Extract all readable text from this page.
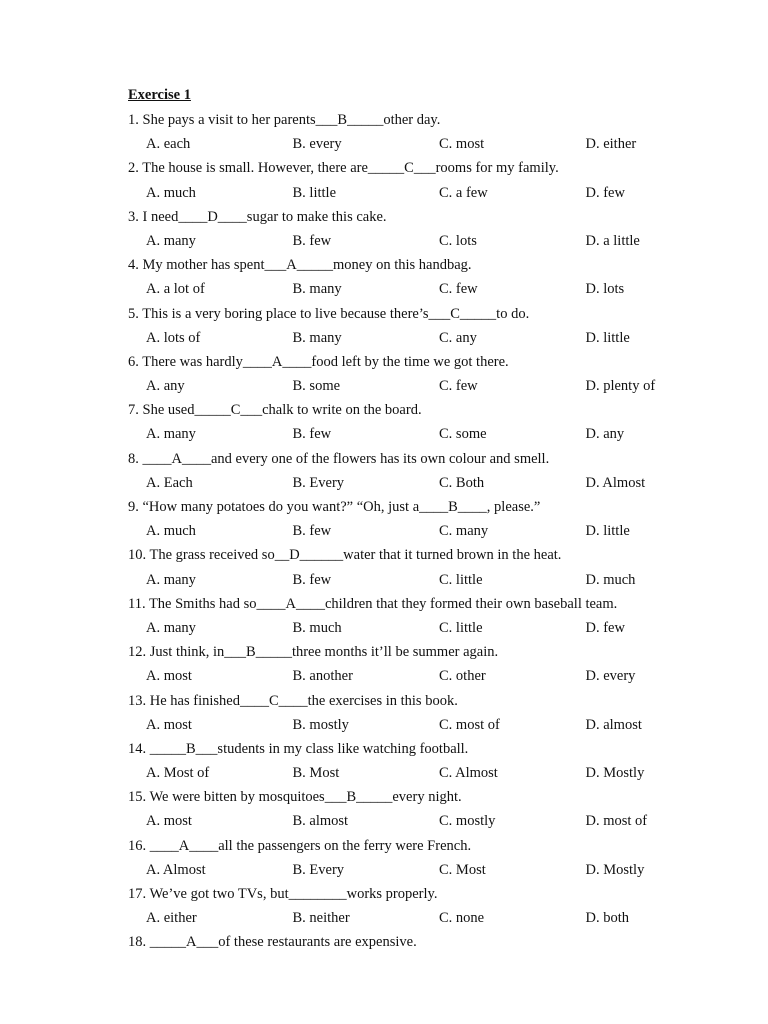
Exercise 1
1. She pays a visit to her parents___B_____other day.
A. each	B. every	C. most	D. either
2. The house is small. However, there are_____C___rooms for my family.
A. much	B. little	C. a few	D. few
3. I need____D____sugar to make this cake.
A. many	B. few	C. lots	D. a little
4. My mother has spent___A_____money on this handbag.
A. a lot of	B. many	C. few	D. lots
5. This is a very boring place to live because there’s___C_____to do.
A. lots of	B. many	C. any	D. little
6. There was hardly____A____food left by the time we got there.
A. any	B. some	C. few	D. plenty of
7. She used_____C___chalk to write on the board.
A. many	B. few	C. some	D. any
8. ____A____and every one of the flowers has its own colour and smell.
A. Each	B. Every	C. Both	D. Almost
9. “How many potatoes do you want?” “Oh, just a____B____, please.”
A. much	B. few	C. many	D. little
10. The grass received so__D______water that it turned brown in the heat.
A. many	B. few	C. little	D. much
11. The Smiths had so____A____children that they formed their own baseball team.
A. many	B. much	C. little	D. few
12. Just think, in___B_____three months it’ll be summer again.
A. most	B. another	C. other	D. every
13. He has finished____C____the exercises in this book.
A. most	B. mostly	C. most of	D. almost
14. _____B___students in my class like watching football.
A. Most of	B. Most	C. Almost	D. Mostly
15. We were bitten by mosquitoes___B_____every night.
A. most	B. almost	C. mostly	D. most of
16. ____A____all the passengers on the ferry were French.
A. Almost	B. Every	C. Most	D. Mostly
17. We’ve got two TVs, but________works properly.
A. either	B. neither	C. none	D. both
18. _____A___of these restaurants are expensive.
